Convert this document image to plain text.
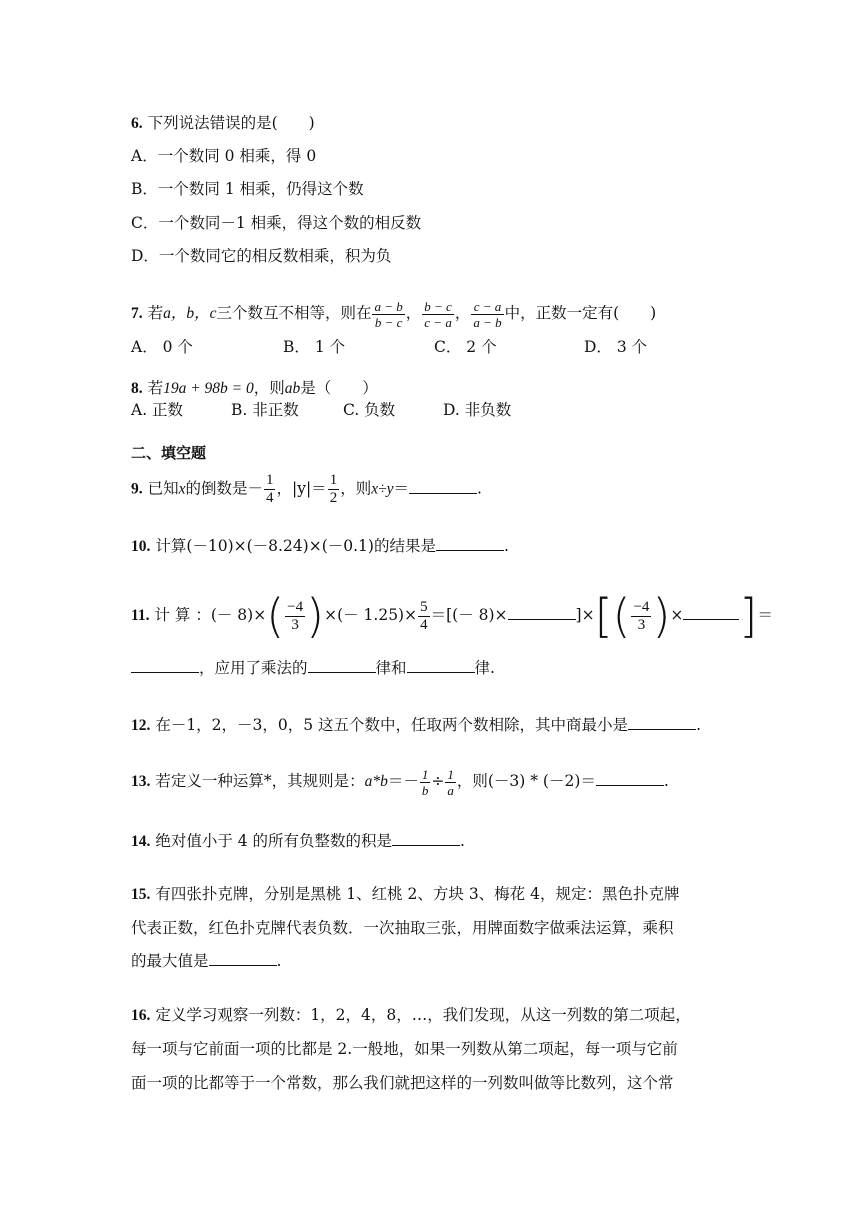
6. 下列说法错误的是(　　)
A．一个数同 0 相乘，得 0
B．一个数同 1 相乘，仍得这个数
C．一个数同－1 相乘，得这个数的相反数
D．一个数同它的相反数相乘，积为负
7. 若a，b，c三个数互不相等，则在 $\frac{a - b}{b - c}$ ， $\frac{b - c}{c - a}$ ， $\frac{c - a}{a - b}$ 中，正数一定有(　　)
A． 0 个	B． 1 个	C． 2 个	D． 3 个
8. 若19a + 98b = 0，则ab是（　　）
A. 正数	B. 非正数	C. 负数	D. 非负数
二、填空题
9. 已知x的倒数是－ $\frac{1}{4}$ ，$|y|= \frac{1}{2}$ ，则x÷y＝	.
10. 计算(－10)×(－8.24)×(－0.1)的结果是	.
11. 计 算 ：(－ $8)\times( \frac{-4}{3}$ )×(－ $1.25)\times \frac{5}{4}$ ＝[(－ 8)×	]×[( $\frac{-4}{3}$ )× ]＝
，应用了乘法的	律和	律.
12. 在－1，2，－3，0，5 这五个数中，任取两个数相除，其中商最小是	.
13. 若定义一种运算*，其规则是：$a*b=- \frac{1}{b} \div \frac{1}{a}$ ，则(－3) * (－2)＝	.
14. 绝对值小于 4 的所有负整数的积是	.
15. 有四张扑克牌，分别是黑桃 1、红桃 2、方块 3、梅花 4，规定：黑色扑克牌
代表正数，红色扑克牌代表负数．一次抽取三张，用牌面数字做乘法运算，乘积
的最大值是	.
16. 定义学习观察一列数：1，2，4，8，…，我们发现，从这一列数的第二项起，
每一项与它前面一项的比都是 2.一般地，如果一列数从第二项起，每一项与它前
面一项的比都等于一个常数，那么我们就把这样的一列数叫做等比数列，这个常
